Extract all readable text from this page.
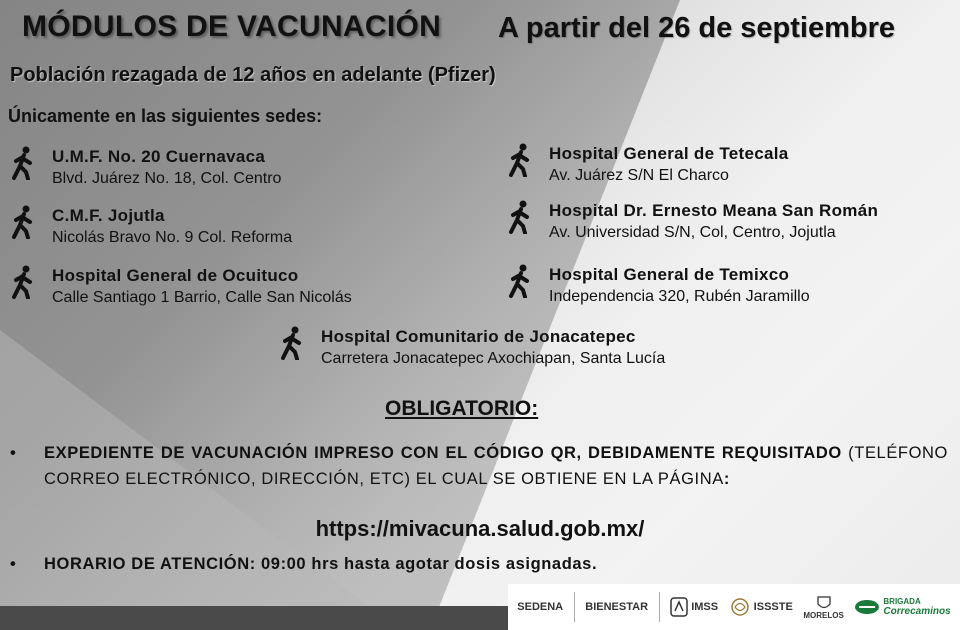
MÓDULOS DE VACUNACIÓN A partir del 26 de septiembre
Población rezagada de 12 años en adelante (Pfizer)
Únicamente en las siguientes sedes:
U.M.F. No. 20 Cuernavaca
Blvd. Juárez No. 18, Col. Centro
C.M.F. Jojutla
Nicolás Bravo No. 9 Col. Reforma
Hospital General de Ocuituco
Calle Santiago 1 Barrio, Calle San Nicolás
Hospital General de Tetecala
Av. Juárez S/N El Charco
Hospital Dr. Ernesto Meana San Román
Av. Universidad S/N, Col, Centro, Jojutla
Hospital General de Temixco
Independencia 320, Rubén Jaramillo
Hospital Comunitario de Jonacatepec
Carretera Jonacatepec Axochiapan, Santa Lucía
OBLIGATORIO:
•	EXPEDIENTE DE VACUNACIÓN IMPRESO CON EL CÓDIGO QR, DEBIDAMENTE REQUISITADO (TELÉFONO CORREO ELECTRÓNICO, DIRECCIÓN, ETC) EL CUAL SE OBTIENE EN LA PÁGINA:
https://mivacuna.salud.gob.mx/
•	HORARIO DE ATENCIÓN: 09:00 hrs hasta agotar dosis asignadas.
SEDENA BIENESTAR	IMSS	ISSSTE
MORELOS
BRIGADA
Correcaminos
